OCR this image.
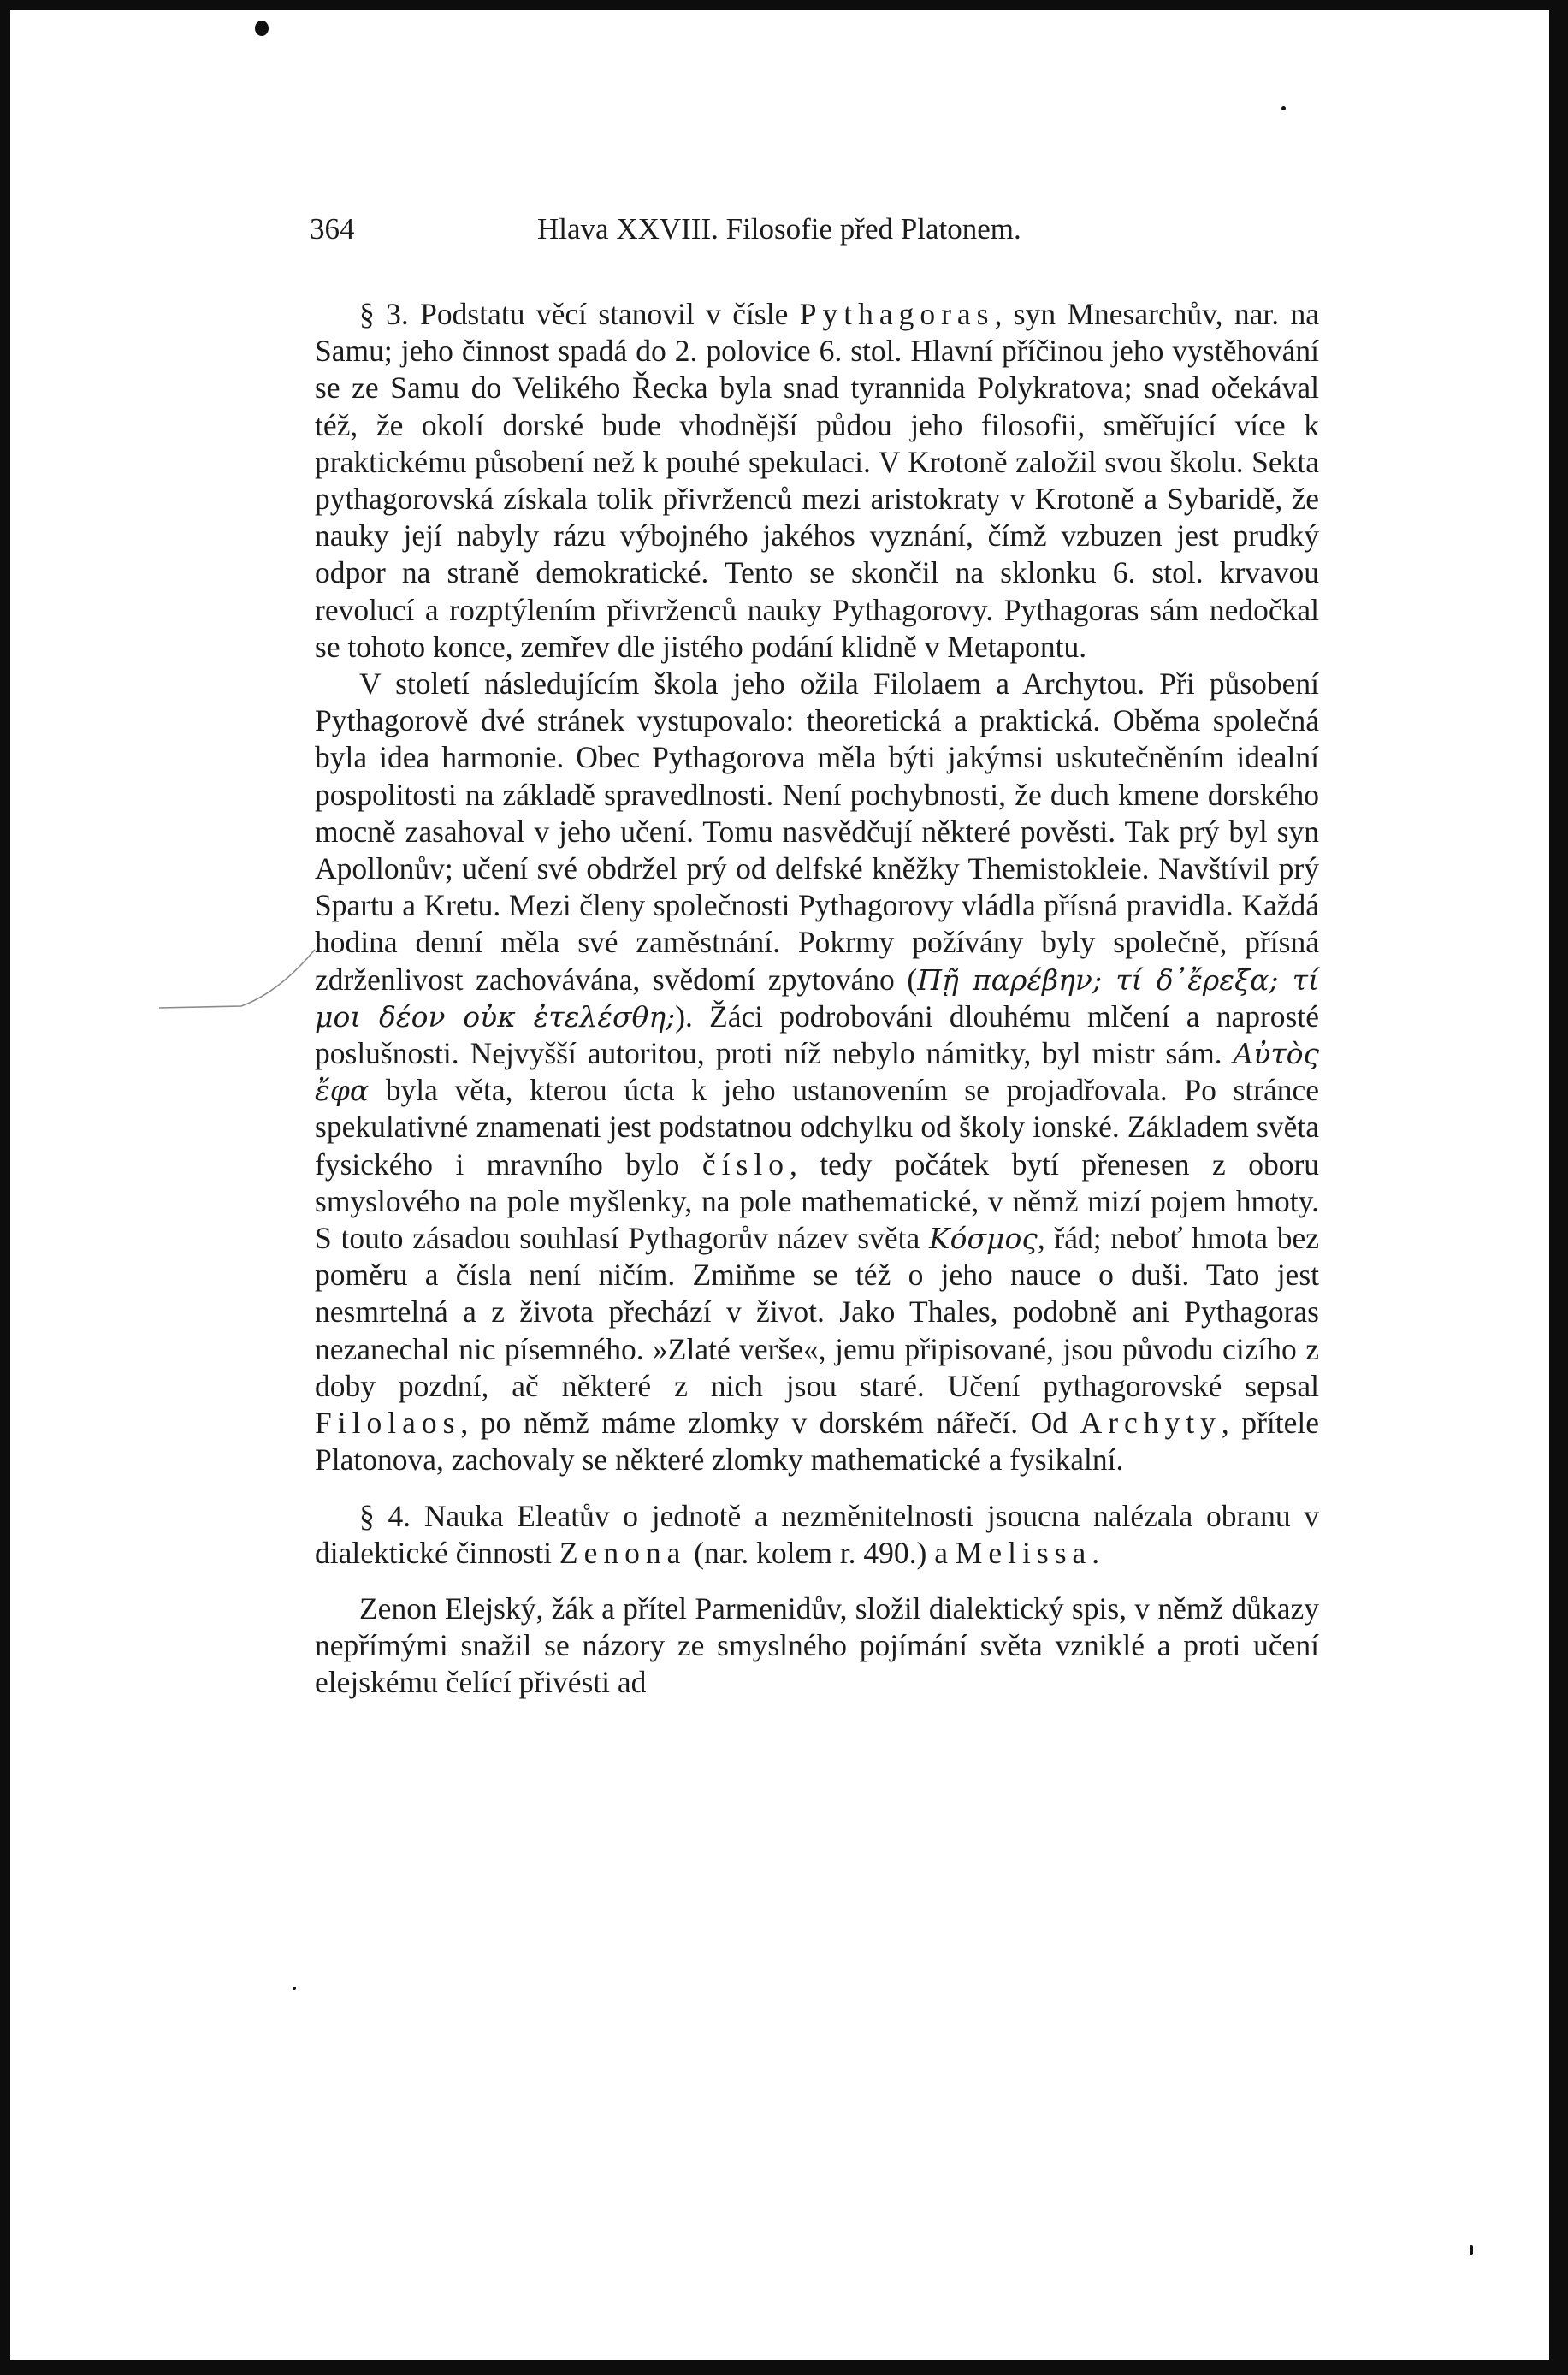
364	Hlava XXVIII. Filosofie před Platonem.

§ 3. Podstatu věcí stanovil v čísle Pythagoras, syn Mnesarchův, nar. na Samu; jeho činnost spadá do 2. polovice 6. stol. Hlavní příčinou jeho vystěhování se ze Samu do Velikého Řecka byla snad tyrannida Polykratova; snad očekával též, že okolí dorské bude vhodnější půdou jeho filosofii, směřující více k praktickému působení než k pouhé spekulaci. V Krotoně založil svou školu. Sekta pythagorovská získala tolik přivrženců mezi aristokraty v Krotoně a Sybaridě, že nauky její nabyly rázu výbojného jakéhos vyznání, čímž vzbuzen jest prudký odpor na straně demokratické. Tento se skončil na sklonku 6. stol. krvavou revolucí a rozptýlením přivrženců nauky Pythagorovy. Pythagoras sám nedočkal se tohoto konce, zemřev dle jistého podání klidně v Metapontu.

V století následujícím škola jeho ožila Filolaem a Archytou. Při působení Pythagorově dvé stránek vystupovalo: theoretická a praktická. Oběma společná byla idea harmonie. Obec Pythagorova měla býti jakýmsi uskutečněním idealní pospolitosti na základě spravedlnosti. Není pochybnosti, že duch kmene dorského mocně zasahoval v jeho učení. Tomu nasvědčují některé pověsti. Tak prý byl syn Apollonův; učení své obdržel prý od delfské kněžky Themistokleie. Navštívil prý Spartu a Kretu. Mezi členy společnosti Pythagorovy vládla přísná pravidla. Každá hodina denní měla své zaměstnání. Pokrmy požívány byly společně, přísná zdrženlivost zachovávána, svědomí zpytováno (Πῇ παρέβην; τί δ᾽ἔρεξα; τί μοι δέον οὐκ ἐτελέσθη;). Žáci podrobováni dlouhému mlčení a naprosté poslušnosti. Nejvyšší autoritou, proti níž nebylo námitky, byl mistr sám. Αὐτὸς ἔφα byla věta, kterou úcta k jeho ustanovením se projadřovala. Po stránce spekulativné znamenati jest podstatnou odchylku od školy ionské. Základem světa fysického i mravního bylo číslo, tedy počátek bytí přenesen z oboru smyslového na pole myšlenky, na pole mathematické, v němž mizí pojem hmoty. S touto zásadou souhlasí Pythagorův název světa Κόσμος, řád; neboť hmota bez poměru a čísla není ničím. Zmiňme se též o jeho nauce o duši. Tato jest nesmrtelná a z života přechází v život. Jako Thales, podobně ani Pythagoras nezanechal nic písemného. »Zlaté verše«, jemu připisované, jsou původu cizího z doby pozdní, ač některé z nich jsou staré. Učení pythagorovské sepsal Filolaos, po němž máme zlomky v dorském nářečí. Od Archyty, přítele Platonova, zachovaly se některé zlomky mathematické a fysikalní.

§ 4. Nauka Eleatův o jednotě a nezměnitelnosti jsoucna nalézala obranu v dialektické činnosti Zenona (nar. kolem r. 490.) a Melissa.

Zenon Elejský, žák a přítel Parmenidův, složil dialektický spis, v němž důkazy nepřímými snažil se názory ze smyslného pojímání světa vzniklé a proti učení elejskému čelící přivésti ad
